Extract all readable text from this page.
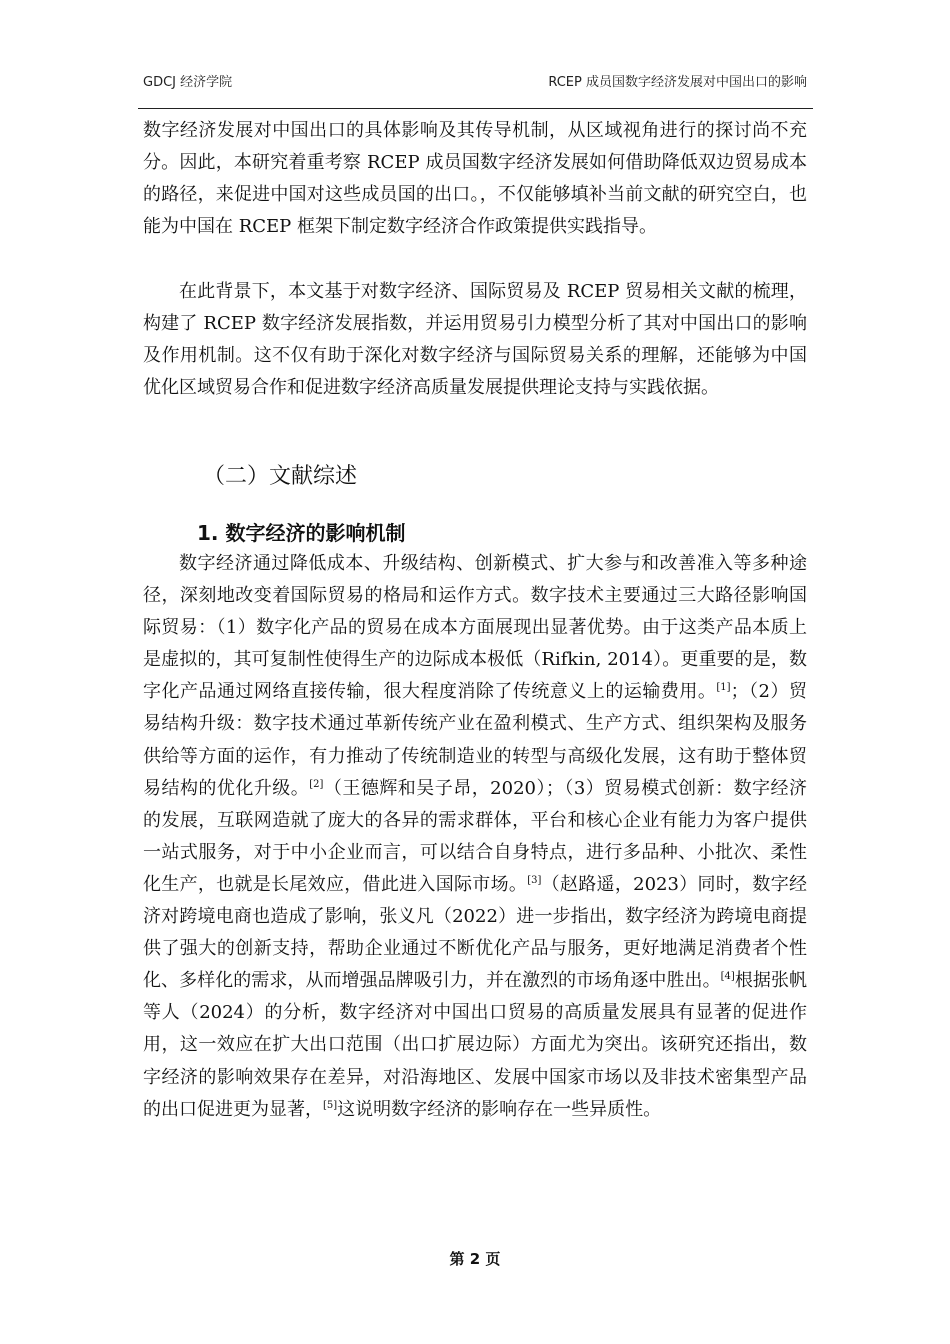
GDCJ 经济学院	RCEP 成员国数字经济发展对中国出口的影响

数字经济发展对中国出口的具体影响及其传导机制，从区域视角进行的探讨尚不充分。因此，本研究着重考察 RCEP 成员国数字经济发展如何借助降低双边贸易成本的路径，来促进中国对这些成员国的出口。，不仅能够填补当前文献的研究空白，也能为中国在 RCEP 框架下制定数字经济合作政策提供实践指导。

在此背景下，本文基于对数字经济、国际贸易及 RCEP 贸易相关文献的梳理，构建了 RCEP 数字经济发展指数，并运用贸易引力模型分析了其对中国出口的影响及作用机制。这不仅有助于深化对数字经济与国际贸易关系的理解，还能够为中国优化区域贸易合作和促进数字经济高质量发展提供理论支持与实践依据。

（二）文献综述
1. 数字经济的影响机制

数字经济通过降低成本、升级结构、创新模式、扩大参与和改善准入等多种途径，深刻地改变着国际贸易的格局和运作方式。数字技术主要通过三大路径影响国际贸易：（1）数字化产品的贸易在成本方面展现出显著优势。由于这类产品本质上是虚拟的，其可复制性使得生产的边际成本极低（Rifkin, 2014）。更重要的是，数字化产品通过网络直接传输，很大程度消除了传统意义上的运输费用。[1]；（2）贸易结构升级：数字技术通过革新传统产业在盈利模式、生产方式、组织架构及服务供给等方面的运作，有力推动了传统制造业的转型与高级化发展，这有助于整体贸易结构的优化升级。[2]（王德辉和吴子昂，2020）；（3）贸易模式创新：数字经济的发展，互联网造就了庞大的各异的需求群体，平台和核心企业有能力为客户提供一站式服务，对于中小企业而言，可以结合自身特点，进行多品种、小批次、柔性化生产，也就是长尾效应，借此进入国际市场。[3]（赵路遥，2023）同时，数字经济对跨境电商也造成了影响，张义凡（2022）进一步指出，数字经济为跨境电商提供了强大的创新支持，帮助企业通过不断优化产品与服务，更好地满足消费者个性化、多样化的需求，从而增强品牌吸引力，并在激烈的市场角逐中胜出。[4]根据张帆等人（2024）的分析，数字经济对中国出口贸易的高质量发展具有显著的促进作用，这一效应在扩大出口范围（出口扩展边际）方面尤为突出。该研究还指出，数字经济的影响效果存在差异，对沿海地区、发展中国家市场以及非技术密集型产品的出口促进更为显著，[5]这说明数字经济的影响存在一些异质性。

第 2 页
